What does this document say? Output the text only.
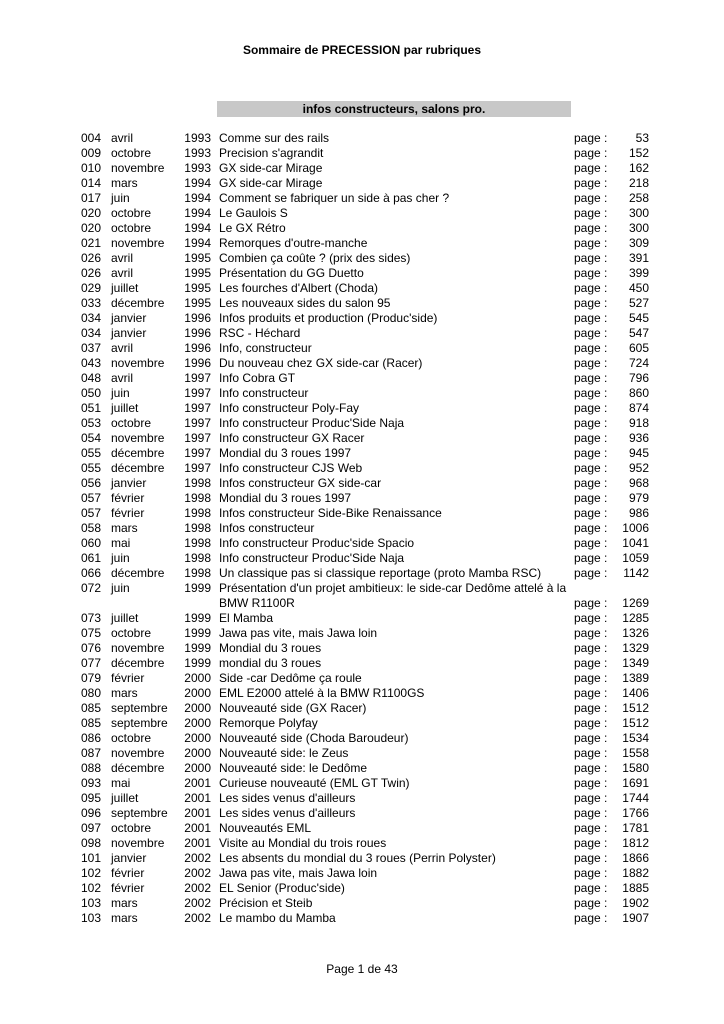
Sommaire de PRECESSION par rubriques
infos constructeurs, salons pro.
004 avril	1993 Comme sur des rails	page :	53
009 octobre	1993 Precision s'agrandit	page :	152
010 novembre	1993 GX side-car Mirage	page :	162
014 mars	1994 GX side-car Mirage	page :	218
017 juin	1994 Comment se fabriquer un side à pas cher ?	page :	258
020 octobre	1994 Le Gaulois S	page :	300
020 octobre	1994 Le GX Rétro	page :	300
021 novembre	1994 Remorques d'outre-manche	page :	309
026 avril	1995 Combien ça coûte ? (prix des sides)	page :	391
026 avril	1995 Présentation du GG Duetto	page :	399
029 juillet	1995 Les fourches d'Albert (Choda)	page :	450
033 décembre	1995 Les nouveaux sides du salon 95	page :	527
034 janvier	1996 Infos produits et production (Produc'side)	page :	545
034 janvier	1996 RSC - Héchard	page :	547
037 avril	1996 Info, constructeur	page :	605
043 novembre	1996 Du nouveau chez GX side-car (Racer)	page :	724
048 avril	1997 Info Cobra GT	page :	796
050 juin	1997 Info constructeur	page :	860
051 juillet	1997 Info constructeur Poly-Fay	page :	874
053 octobre	1997 Info constructeur Produc'Side Naja	page :	918
054 novembre	1997 Info constructeur GX Racer	page :	936
055 décembre	1997 Mondial du 3 roues 1997	page :	945
055 décembre	1997 Info constructeur CJS Web	page :	952
056 janvier	1998 Infos constructeur GX side-car	page :	968
057 février	1998 Mondial du 3 roues 1997	page :	979
057 février	1998 Infos constructeur Side-Bike Renaissance	page :	986
058 mars	1998 Infos constructeur	page :	1006
060 mai	1998 Info constructeur Produc'side Spacio	page :	1041
061 juin	1998 Info constructeur Produc'Side Naja	page :	1059
066 décembre	1998 Un classique pas si classique reportage (proto Mamba RSC)	page :	1142
072 juin	1999 Présentation d'un projet ambitieux: le side-car Dedôme attelé à la BMW R1100R	page :	1269
073 juillet	1999 El Mamba	page :	1285
075 octobre	1999 Jawa pas vite, mais Jawa loin	page :	1326
076 novembre	1999 Mondial du 3 roues	page :	1329
077 décembre	1999 mondial du 3 roues	page :	1349
079 février	2000 Side -car Dedôme ça roule	page :	1389
080 mars	2000 EML E2000 attelé à la BMW R1100GS	page :	1406
085 septembre	2000 Nouveauté side (GX Racer)	page :	1512
085 septembre	2000 Remorque Polyfay	page :	1512
086 octobre	2000 Nouveauté side (Choda Baroudeur)	page :	1534
087 novembre	2000 Nouveauté side: le Zeus	page :	1558
088 décembre	2000 Nouveauté side: le Dedôme	page :	1580
093 mai	2001 Curieuse nouveauté (EML GT Twin)	page :	1691
095 juillet	2001 Les sides venus d'ailleurs	page :	1744
096 septembre	2001 Les sides venus d'ailleurs	page :	1766
097 octobre	2001 Nouveautés EML	page :	1781
098 novembre	2001 Visite au Mondial du trois roues	page :	1812
101 janvier	2002 Les absents du mondial du 3 roues (Perrin Polyster)	page :	1866
102 février	2002 Jawa pas vite, mais Jawa loin	page :	1882
102 février	2002 EL Senior (Produc'side)	page :	1885
103 mars	2002 Précision et Steib	page :	1902
103 mars	2002 Le mambo du Mamba	page :	1907
Page 1 de 43
